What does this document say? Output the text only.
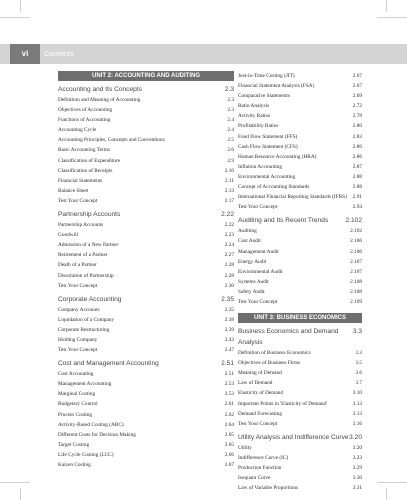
vi	Contents
UNIT 2: ACCOUNTING AND AUDITING
Accounting and Its Concepts	2.3
Definition and Meaning of Accounting	2.3
Objectives of Accounting	2.3
Functions of Accounting	2.4
Accounting Cycle	2.4
Accounting Principles, Concepts and Conventions	2.5
Basic Accounting Terms	2.6
Classification of Expenditure	2.9
Classification of Receipts	2.10
Financial Statements	2.11
Balance Sheet	2.13
Test Your Concept	2.17
Partnership Accounts	2.22
Partnership Accounts	2.22
Goodwill	2.23
Admission of a New Partner	2.24
Retirement of a Partner	2.27
Death of a Partner	2.28
Dissolution of Partnership	2.28
Test Your Concept	2.30
Corporate Accounting	2.35
Company Accounts	2.35
Liquidation of a Company	2.38
Corporate Restructuring	2.39
Holding Company	2.43
Test Your Concept	2.47
Cost and Management Accounting	2.51
Cost Accounting	2.51
Management Accounting	2.53
Marginal Costing	2.53
Budgetary Control	2.61
Process Costing	2.62
Activity-Based Costing (ABC)	2.64
Different Costs for Decision Making	2.65
Target Costing	2.65
Life Cycle Costing (LCC)	2.66
Kaizen Costing	2.67
Just-in-Time Costing (JIT)	2.67
Financial Statement Analysis (FSA)	2.67
Comparative Statements	2.69
Ratio Analysis	2.72
Activity Ratios	2.78
Profitability Ratios	2.80
Fund Flow Statement (FFS)	2.83
Cash Flow Statement (CFS)	2.86
Human Resource Accounting (HRA)	2.86
Inflation Accounting	2.87
Environmental Accounting	2.88
Concept of Accounting Standards	2.88
International Financial Reporting Standards (IFRS)	2.91
Test Your Concept	2.94
Auditing and Its Recent Trends	2.102
Auditing	2.102
Cost Audit	2.106
Management Audit	2.106
Energy Audit	2.107
Environmental Audit	2.107
Systems Audit	2.108
Safety Audit	2.108
Test Your Concept	2.109
UNIT 3: BUSINESS ECONOMICS
Business Economics and Demand Analysis
3.3
Definition of Business Economics	3.3
Objectives of Business Firms	3.5
Meaning of Demand	3.6
Law of Demand	3.7
Elasticity of Demand	3.10
Important Points in 'Elasticity of Demand'	3.13
Demand Forecasting	3.13
Test Your Concept	3.16
Utility Analysis and Indifference Curve 3.20
Utility	3.20
Indifference Curve (IC)	3.23
Production Function	3.29
Isoquant Curve	3.30
Law of Variable Proportions	3.31
